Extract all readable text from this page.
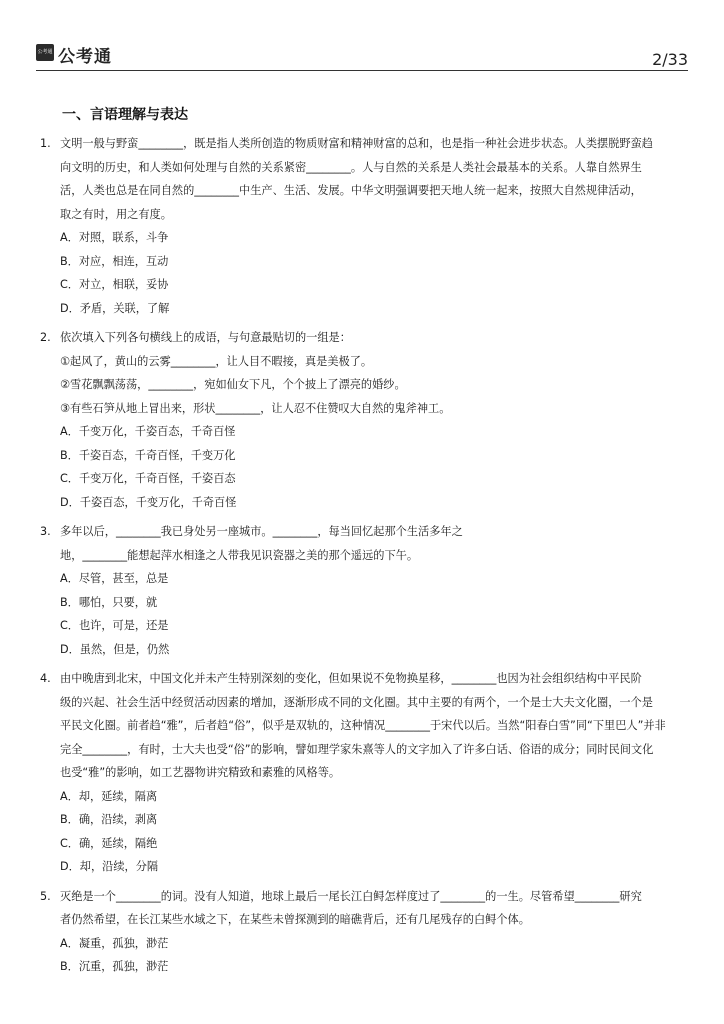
公考通 公考通	2/33
一、言语理解与表达
1. 文明一般与野蛮________，既是指人类所创造的物质财富和精神财富的总和，也是指一种社会进步状态。人类摆脱野蛮趋
向文明的历史，和人类如何处理与自然的关系紧密________。人与自然的关系是人类社会最基本的关系。人靠自然界生
活，人类也总是在同自然的________中生产、生活、发展。中华文明强调要把天地人统一起来，按照大自然规律活动，
取之有时，用之有度。
A．对照，联系，斗争
B．对应，相连，互动
C．对立，相联，妥协
D．矛盾，关联，了解
2. 依次填入下列各句横线上的成语，与句意最贴切的一组是：
①起风了，黄山的云雾________，让人目不暇接，真是美极了。
②雪花飘飘荡荡，________，宛如仙女下凡，个个披上了漂亮的婚纱。
③有些石笋从地上冒出来，形状________，让人忍不住赞叹大自然的鬼斧神工。
A．千变万化，千姿百态，千奇百怪
B．千姿百态，千奇百怪，千变万化
C．千变万化，千奇百怪，千姿百态
D．千姿百态，千变万化，千奇百怪
3. 多年以后，________我已身处另一座城市。________，每当回忆起那个生活多年之
地，________能想起萍水相逢之人带我见识瓷器之美的那个遥远的下午。
A．尽管，甚至，总是
B．哪怕，只要，就
C．也许，可是，还是
D．虽然，但是，仍然
4. 由中晚唐到北宋，中国文化并未产生特别深刻的变化，但如果说不免物换星移，________也因为社会组织结构中平民阶
级的兴起、社会生活中经贸活动因素的增加，逐渐形成不同的文化圈。其中主要的有两个，一个是士大夫文化圈，一个是
平民文化圈。前者趋“雅”，后者趋“俗”，似乎是双轨的，这种情况________于宋代以后。当然“阳春白雪”同“下里巴人”并非
完全________，有时，士大夫也受“俗”的影响，譬如理学家朱熹等人的文字加入了许多白话、俗语的成分；同时民间文化
也受“雅”的影响，如工艺器物讲究精致和素雅的风格等。
A．却，延续，隔离
B．确，沿续，剥离
C．确，延续，隔绝
D．却，沿续，分隔
5. 灭绝是一个________的词。没有人知道，地球上最后一尾长江白鲟怎样度过了________的一生。尽管希望________研究
者仍然希望，在长江某些水域之下，在某些未曾探测到的暗礁背后，还有几尾残存的白鲟个体。
A．凝重，孤独，渺茫
B．沉重，孤独，渺茫
